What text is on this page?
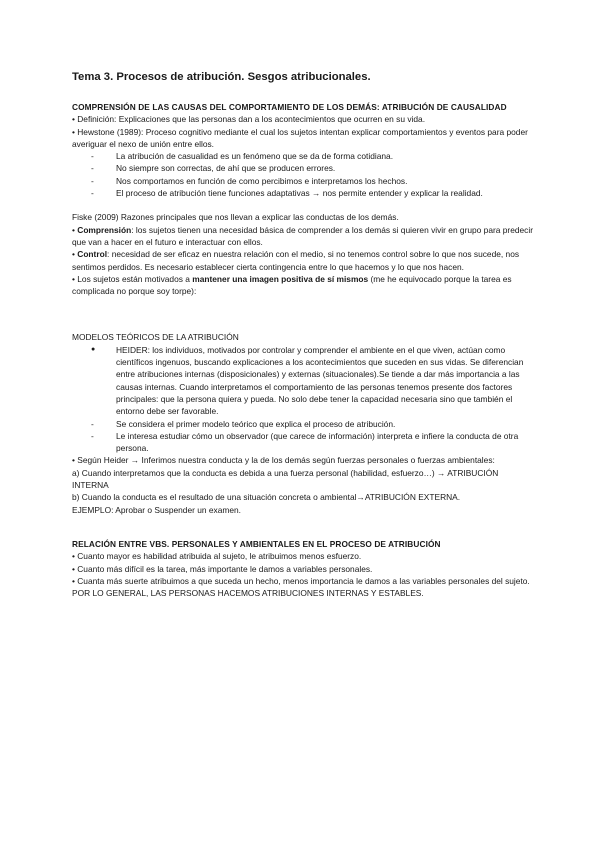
Tema 3. Procesos de atribución. Sesgos atribucionales.

COMPRENSIÓN DE LAS CAUSAS DEL COMPORTAMIENTO DE LOS DEMÁS: ATRIBUCIÓN DE CAUSALIDAD

• Definición: Explicaciones que las personas dan a los acontecimientos que ocurren en su vida.

• Hewstone (1989): Proceso cognitivo mediante el cual los sujetos intentan explicar comportamientos y eventos para poder averiguar el nexo de unión entre ellos.

- La atribución de casualidad es un fenómeno que se da de forma cotidiana.

- No siempre son correctas, de ahí que se producen errores.

- Nos comportamos en función de como percibimos e interpretamos los hechos.

- El proceso de atribución tiene funciones adaptativas → nos permite entender y explicar la realidad.

Fiske (2009) Razones principales que nos llevan a explicar las conductas de los demás.

• Comprensión: los sujetos tienen una necesidad básica de comprender a los demás si quieren vivir en grupo para predecir que van a hacer en el futuro e interactuar con ellos.

• Control: necesidad de ser eficaz en nuestra relación con el medio, si no tenemos control sobre lo que nos sucede, nos sentimos perdidos. Es necesario establecer cierta contingencia entre lo que hacemos y lo que nos hacen.

• Los sujetos están motivados a mantener una imagen positiva de sí mismos (me he equivocado porque la tarea es complicada no porque soy torpe):

MODELOS TEÓRICOS DE LA ATRIBUCIÓN

● HEIDER: los individuos, motivados por controlar y comprender el ambiente en el que viven, actúan como científicos ingenuos, buscando explicaciones a los acontecimientos que suceden en sus vidas. Se diferencian entre atribuciones internas (disposicionales) y externas (situacionales).Se tiende a dar más importancia a las causas internas. Cuando interpretamos el comportamiento de las personas tenemos presente dos factores principales: que la persona quiera y pueda. No solo debe tener la capacidad necesaria sino que también el entorno debe ser favorable.

- Se considera el primer modelo teórico que explica el proceso de atribución.

- Le interesa estudiar cómo un observador (que carece de información) interpreta e infiere la conducta de otra persona.

• Según Heider → Inferimos nuestra conducta y la de los demás según fuerzas personales o fuerzas ambientales:

a) Cuando interpretamos que la conducta es debida a una fuerza personal (habilidad, esfuerzo…) → ATRIBUCIÓN INTERNA

b) Cuando la conducta es el resultado de una situación concreta o ambiental→ATRIBUCIÓN EXTERNA.

EJEMPLO: Aprobar o Suspender un examen.

RELACIÓN ENTRE VBS. PERSONALES Y AMBIENTALES EN EL PROCESO DE ATRIBUCIÓN

• Cuanto mayor es habilidad atribuida al sujeto, le atribuimos menos esfuerzo.

• Cuanto más difícil es la tarea, más importante le damos a variables personales.

• Cuanta más suerte atribuimos a que suceda un hecho, menos importancia le damos a las variables personales del sujeto.

POR LO GENERAL, LAS PERSONAS HACEMOS ATRIBUCIONES INTERNAS Y ESTABLES.
